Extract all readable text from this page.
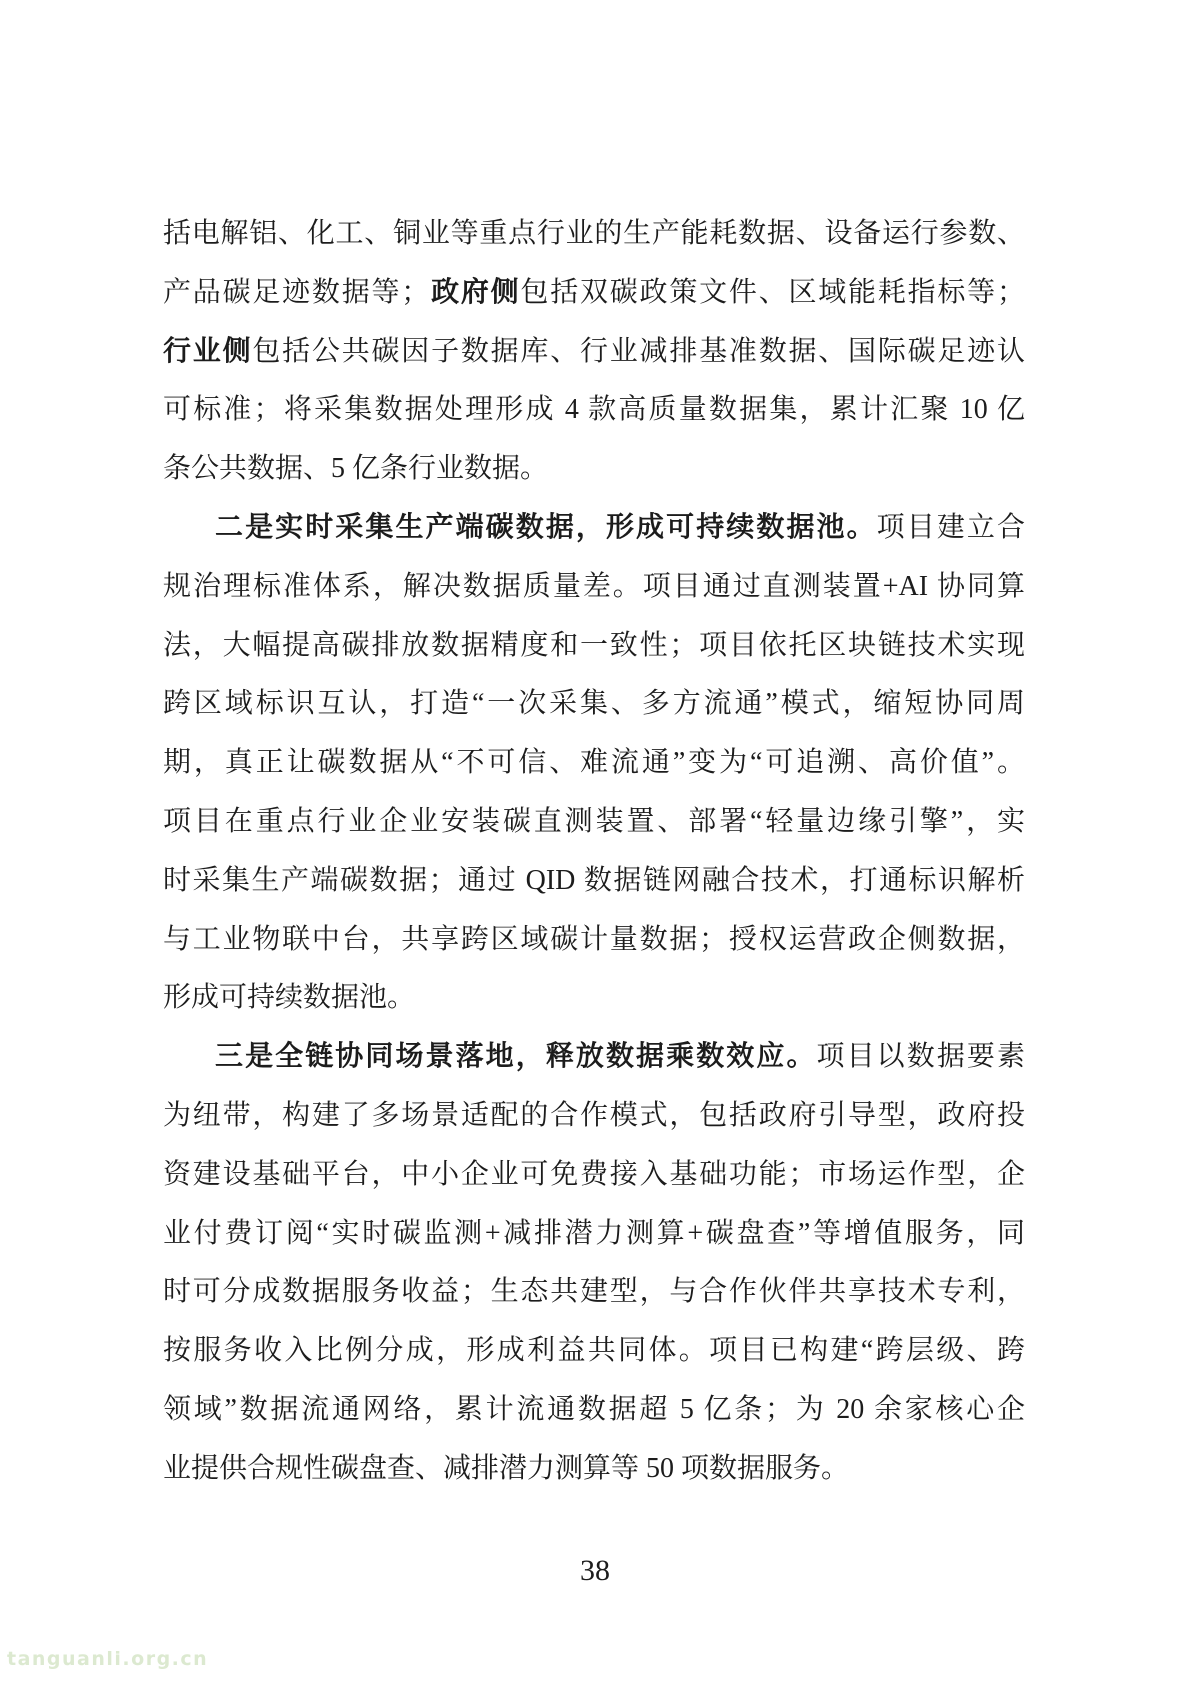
括电解铝、化工、铜业等重点行业的生产能耗数据、设备运行参数、
产品碳足迹数据等；政府侧包括双碳政策文件、区域能耗指标等；
行业侧包括公共碳因子数据库、行业减排基准数据、国际碳足迹认
可标准；将采集数据处理形成 4 款高质量数据集，累计汇聚 10 亿
条公共数据、5 亿条行业数据。
二是实时采集生产端碳数据，形成可持续数据池。项目建立合
规治理标准体系，解决数据质量差。项目通过直测装置+AI 协同算
法，大幅提高碳排放数据精度和一致性；项目依托区块链技术实现
跨区域标识互认，打造“一次采集、多方流通”模式，缩短协同周
期，真正让碳数据从“不可信、难流通”变为“可追溯、高价值”。
项目在重点行业企业安装碳直测装置、部署“轻量边缘引擎”，实
时采集生产端碳数据；通过 QID 数据链网融合技术，打通标识解析
与工业物联中台，共享跨区域碳计量数据；授权运营政企侧数据，
形成可持续数据池。
三是全链协同场景落地，释放数据乘数效应。项目以数据要素
为纽带，构建了多场景适配的合作模式，包括政府引导型，政府投
资建设基础平台，中小企业可免费接入基础功能；市场运作型，企
业付费订阅“实时碳监测+减排潜力测算+碳盘查”等增值服务，同
时可分成数据服务收益；生态共建型，与合作伙伴共享技术专利，
按服务收入比例分成，形成利益共同体。项目已构建“跨层级、跨
领域”数据流通网络，累计流通数据超 5 亿条；为 20 余家核心企
业提供合规性碳盘查、减排潜力测算等 50 项数据服务。
38
tanguanli.org.cn
